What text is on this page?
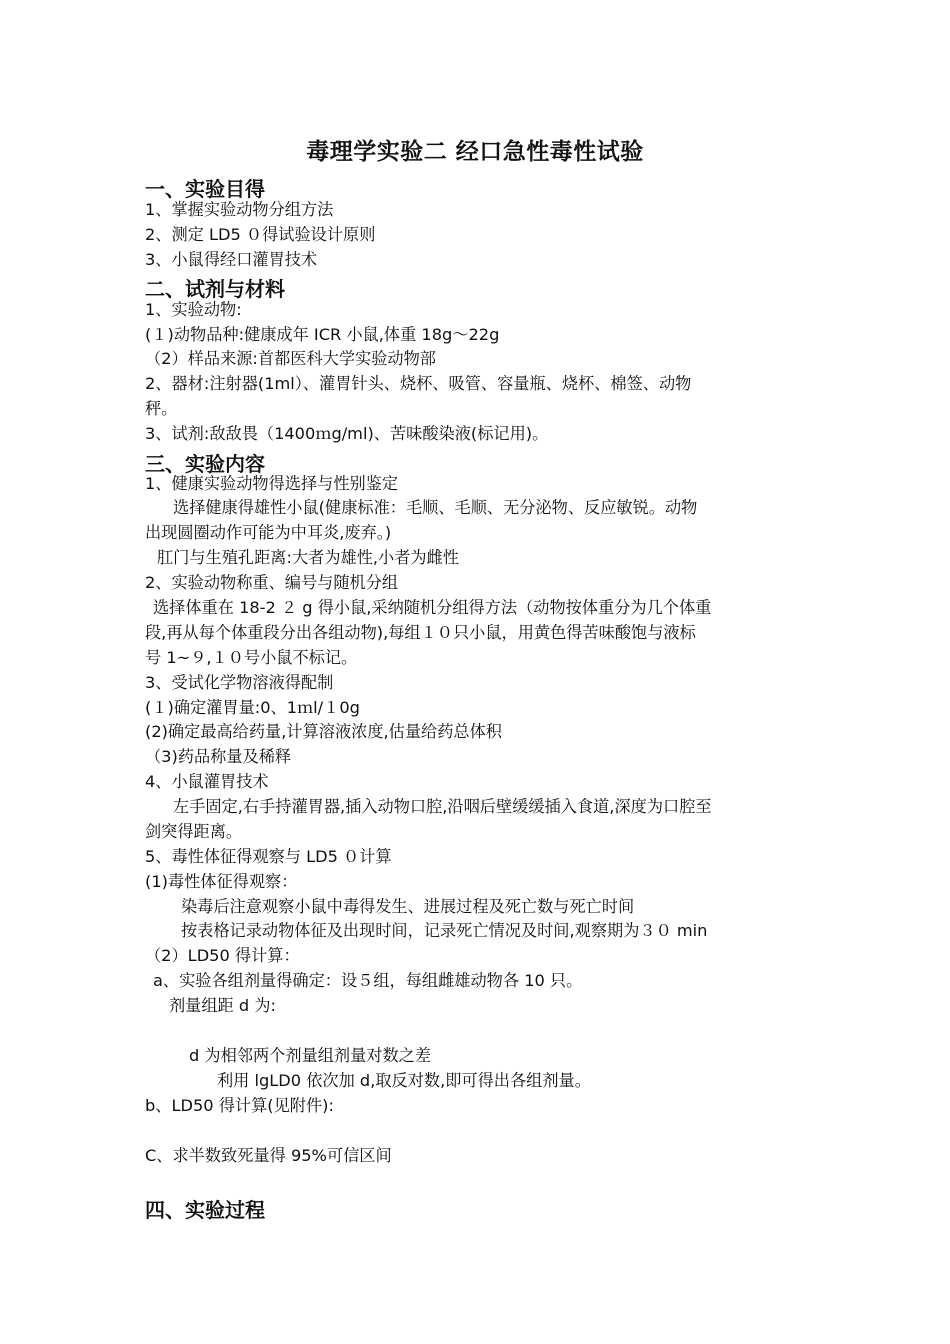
毒理学实验二 经口急性毒性试验
一、实验目得
1、掌握实验动物分组方法
2、测定 LD5 ０得试验设计原则
3、小鼠得经口灌胃技术
二、试剂与材料
1、实验动物:
(１)动物品种:健康成年 ICR 小鼠,体重 18g～22g
（2）样品来源:首都医科大学实验动物部
2、器材:注射器(1ml）、灌胃针头、烧杯、吸管、容量瓶、烧杯、棉签、动物
秤。
3、试剂:敌敌畏（1400ｍg/ml)、苦味酸染液(标记用)。
三、实验内容
1、健康实验动物得选择与性别鉴定
选择健康得雄性小鼠(健康标准：毛顺、毛顺、无分泌物、反应敏锐。动物
出现圆圈动作可能为中耳炎,废弃。)
肛门与生殖孔距离:大者为雄性,小者为雌性
2、实验动物称重、编号与随机分组
选择体重在 18-2 ２ g 得小鼠,采纳随机分组得方法（动物按体重分为几个体重
段,再从每个体重段分出各组动物),每组１０只小鼠，用黄色得苦味酸饱与液标
号 1~９,１０号小鼠不标记。
3、受试化学物溶液得配制
(１)确定灌胃量:0、1ｍl/１0g
(2)确定最高给药量,计算溶液浓度,估量给药总体积
（3)药品称量及稀释
4、小鼠灌胃技术
左手固定,右手持灌胃器,插入动物口腔,沿咽后壁缓缓插入食道,深度为口腔至
剑突得距离。
5、毒性体征得观察与 LD5 ０计算
(1)毒性体征得观察：
染毒后注意观察小鼠中毒得发生、进展过程及死亡数与死亡时间
按表格记录动物体征及出现时间，记录死亡情况及时间,观察期为３０ min
（2）LD50 得计算：
a、实验各组剂量得确定：设５组，每组雌雄动物各 10 只。
剂量组距 d 为:
d 为相邻两个剂量组剂量对数之差
利用 lgLD0 依次加 d,取反对数,即可得出各组剂量。
b、LD50 得计算(见附件):
C、求半数致死量得 95%可信区间
四、实验过程
